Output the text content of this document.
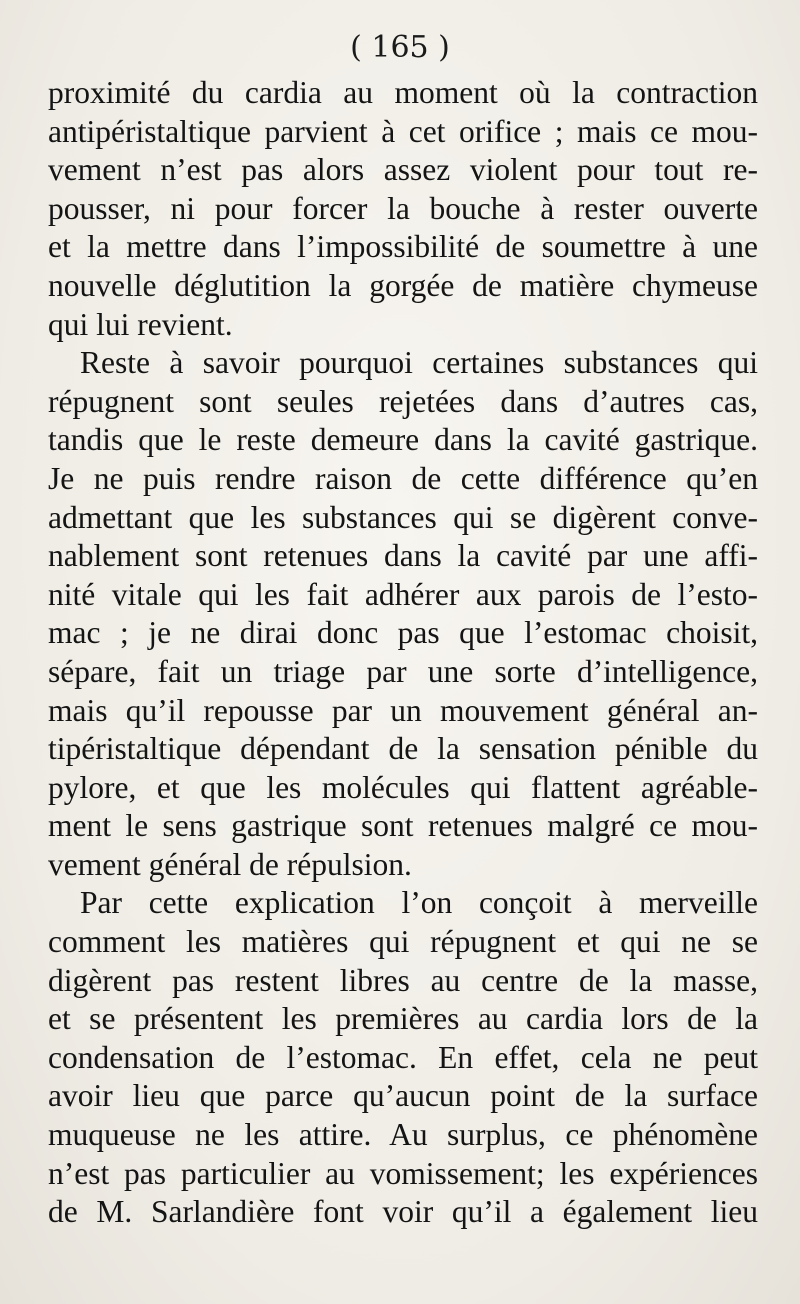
( 165 )
proximité du cardia au moment où la contraction
antipéristaltique parvient à cet orifice ; mais ce mou-
vement n’est pas alors assez violent pour tout re-
pousser, ni pour forcer la bouche à rester ouverte
et la mettre dans l’impossibilité de soumettre à une
nouvelle déglutition la gorgée de matière chymeuse
qui lui revient.
Reste à savoir pourquoi certaines substances qui
répugnent sont seules rejetées dans d’autres cas,
tandis que le reste demeure dans la cavité gastrique.
Je ne puis rendre raison de cette différence qu’en
admettant que les substances qui se digèrent conve-
nablement sont retenues dans la cavité par une affi-
nité vitale qui les fait adhérer aux parois de l’esto-
mac ; je ne dirai donc pas que l’estomac choisit,
sépare, fait un triage par une sorte d’intelligence,
mais qu’il repousse par un mouvement général an-
tipéristaltique dépendant de la sensation pénible du
pylore, et que les molécules qui flattent agréable-
ment le sens gastrique sont retenues malgré ce mou-
vement général de répulsion.
Par cette explication l’on conçoit à merveille
comment les matières qui répugnent et qui ne se
digèrent pas restent libres au centre de la masse,
et se présentent les premières au cardia lors de la
condensation de l’estomac. En effet, cela ne peut
avoir lieu que parce qu’aucun point de la surface
muqueuse ne les attire. Au surplus, ce phénomène
n’est pas particulier au vomissement; les expériences
de M. Sarlandière font voir qu’il a également lieu
